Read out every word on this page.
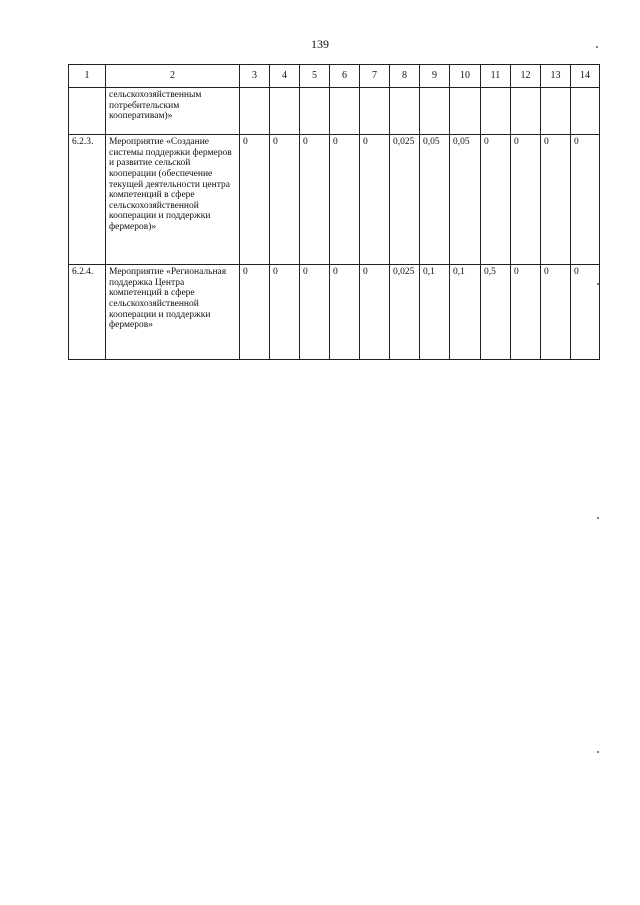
139
1	2	3	4	5	6	7	8	9	10	11	12	13	14
	сельскохозяйственным потребительским кооперативам)»												
6.2.3.	Мероприятие «Создание системы поддержки фермеров и развитие сельской кооперации (обеспечение текущей деятельности центра компетенций в сфере сельскохозяйственной кооперации и поддержки фермеров)»	0	0	0	0	0	0,025	0,05	0,05	0	0	0	0
6.2.4.	Мероприятие «Региональная поддержка Центра компетенций в сфере сельскохозяйственной кооперации и поддержки фермеров»	0	0	0	0	0	0,025	0,1	0,1	0,5	0	0	0
